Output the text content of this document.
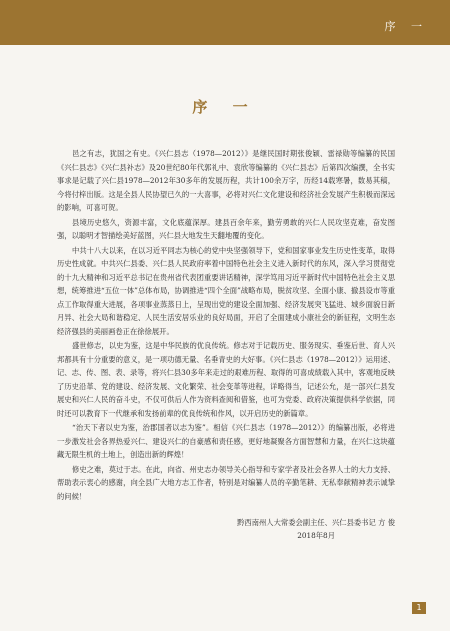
序 一
序 一

邑之有志，犹国之有史。《兴仁县志（1978—2012）》是继民国时期张俊颖、雷禄勋等编纂的民国《兴仁县志》《兴仁县补志》及20世纪80年代郭礼中、袁欣等编纂的《兴仁县志》后第四次编撰，全书实事求是记载了兴仁县1978—2012年30多年的发展历程，共计100余万字，历经14载寒暑，数易其稿，今将付梓出版。这是全县人民协望已久的一大喜事，必将对兴仁文化建设和经济社会发展产生积极而深远的影响，可喜可贺。

县境历史悠久，资源丰富，文化底蕴深厚。建县百余年来，勤劳勇敢的兴仁人民攻坚克难，奋发图强，以聪明才智描绘美好蓝图，兴仁县大地发生天翻地覆的变化。

中共十八大以来，在以习近平同志为核心的党中央坚强领导下，党和国家事业发生历史性变革，取得历史性成就。中共兴仁县委、兴仁县人民政府率着中国特色社会主义进入新时代的东风，深入学习贯彻党的十九大精神和习近平总书记在贵州省代表团重要讲话精神，深学笃用习近平新时代中国特色社会主义思想，统筹推进“五位一体”总体布局，协调推进“四个全面”战略布局，脱贫攻坚、全面小康、撤县设市等重点工作取得重大进展，各项事业蒸蒸日上，呈现出党的建设全面加强、经济发展突飞猛进、城乡面貌日新月异、社会大局和谐稳定、人民生活安居乐业的良好局面，开启了全面建成小康社会的新征程，文明生态经济强县的美丽画卷正在徐徐展开。

盛世修志，以史为鉴，这是中华民族的优良传统。修志对于记载历史、服务现实、垂鉴后世、育人兴邦都具有十分重要的意义，是一项功德无量、名垂青史的大好事。《兴仁县志（1978—2012）》运用述、记、志、传、图、表、录等，将兴仁县30多年来走过的艰难历程、取得的可喜成绩载入其中，客观地反映了历史沿革、党的建设、经济发展、文化繁荣、社会变革等进程，详略得当，记述公允，是一部兴仁县发展史和兴仁人民的奋斗史，不仅可供后人作为资料查阅和借鉴，也可为党委、政府决策提供科学依据，同时还可以教育下一代继承和发扬前辈的优良传统和作风，以开启历史的新篇章。

“治天下者以史为鉴，治郡国者以志为鉴”。相信《兴仁县志（1978—2012）》的编纂出版，必将进一步激发社会各界热爱兴仁、建设兴仁的自豪感和责任感，更好地凝聚各方面智慧和力量，在兴仁这块蕴藏无限生机的土地上，创造出新的辉煌！

修史之难，莫过于志。在此，向省、州史志办领导关心指导和专家学者及社会各界人士的大力支持、帮助表示衷心的感谢，向全县广大地方志工作者，特别是对编纂人员的辛勤笔耕、无私奉献精神表示诚挚的问候！

黔西南州人大常委会副主任、兴仁县委书记 方 俊
2018年8月
1
